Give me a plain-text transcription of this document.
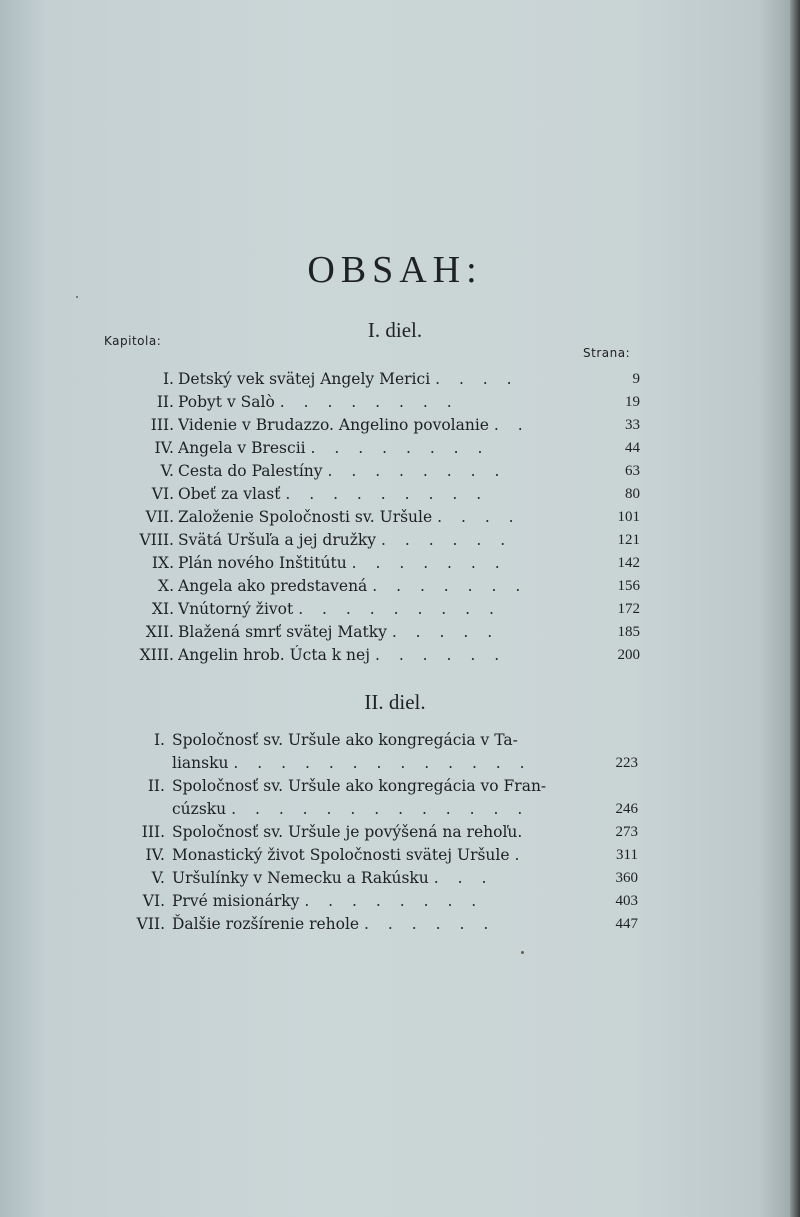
OBSAH:
I. diel.
Kapitola:
Strana:
I. Detský vek svätej Angely Merici . . . .	9
II. Pobyt v Salò . . . . . . . .	19
III. Videnie v Brudazzo. Angelino povolanie . .	33
IV. Angela v Brescii . . . . . . . .	44
V. Cesta do Palestíny . . . . . . . .	63
VI. Obeť za vlasť . . . . . . . . .	80
VII. Založenie Spoločnosti sv. Uršule . . . .	101
VIII. Svätá Uršuľa a jej družky . . . . . .	121
IX. Plán nového Inštitútu . . . . . . .	142
X. Angela ako predstavená . . . . . . .	156
XI. Vnútorný život . . . . . . . . .	172
XII. Blažená smrť svätej Matky . . . . .	185
XIII. Angelin hrob. Úcta k nej . . . . . .	200
II. diel.
I. Spoločnosť sv. Uršule ako kongregácia v Ta-
liansku . . . . . . . . . . . . .	223
II. Spoločnosť sv. Uršule ako kongregácia vo Fran-
cúzsku . . . . . . . . . . . . .	246
III. Spoločnosť sv. Uršule je povýšená na rehoľu.	273
IV. Monastický život Spoločnosti svätej Uršule .	311
V. Uršulínky v Nemecku a Rakúsku . . .	360
VI. Prvé misionárky . . . . . . . .	403
VII. Ďalšie rozšírenie rehole . . . . . .	447
